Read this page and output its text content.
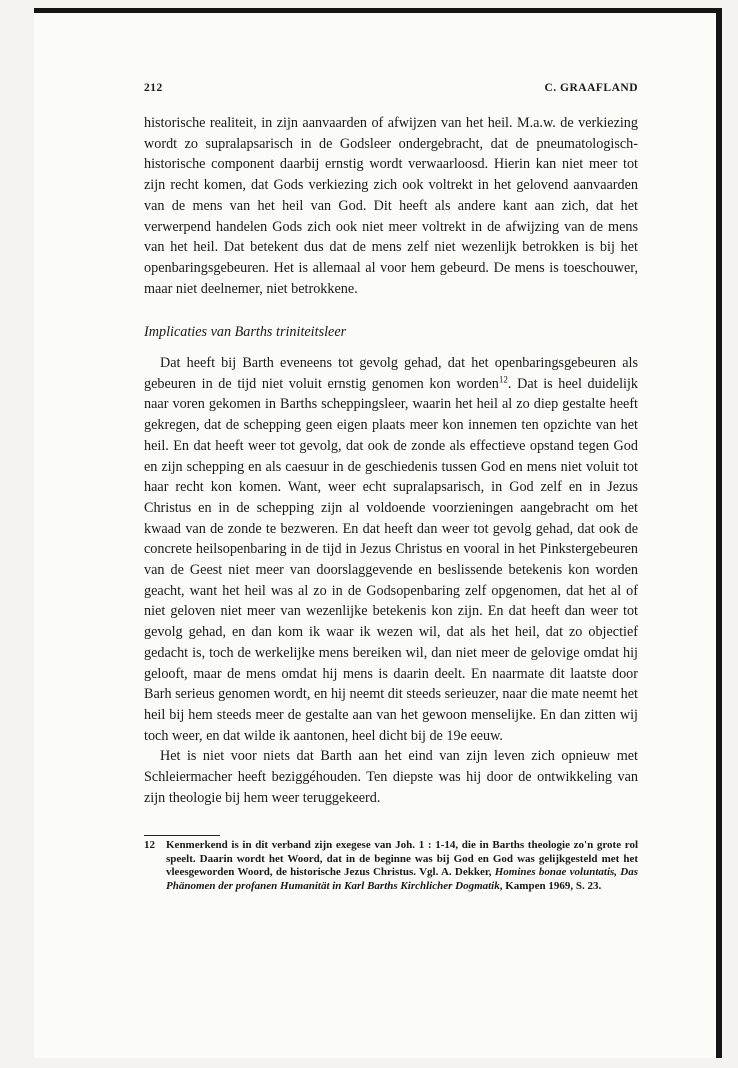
212	C. GRAAFLAND

historische realiteit, in zijn aanvaarden of afwijzen van het heil. M.a.w. de verkiezing wordt zo supralapsarisch in de Godsleer ondergebracht, dat de pneumatologisch-historische component daarbij ernstig wordt verwaarloosd. Hierin kan niet meer tot zijn recht komen, dat Gods verkiezing zich ook voltrekt in het gelovend aanvaarden van de mens van het heil van God. Dit heeft als andere kant aan zich, dat het verwerpend handelen Gods zich ook niet meer voltrekt in de afwijzing van de mens van het heil. Dat betekent dus dat de mens zelf niet wezenlijk betrokken is bij het openbaringsgebeuren. Het is allemaal al voor hem gebeurd. De mens is toeschouwer, maar niet deelnemer, niet betrokkene.

Implicaties van Barths triniteitsleer

Dat heeft bij Barth eveneens tot gevolg gehad, dat het openbaringsgebeuren als gebeuren in de tijd niet voluit ernstig genomen kon worden$^{12}$. Dat is heel duidelijk naar voren gekomen in Barths scheppingsleer, waarin het heil al zo diep gestalte heeft gekregen, dat de schepping geen eigen plaats meer kon innemen ten opzichte van het heil. En dat heeft weer tot gevolg, dat ook de zonde als effectieve opstand tegen God en zijn schepping en als caesuur in de geschiedenis tussen God en mens niet voluit tot haar recht kon komen. Want, weer echt supralapsarisch, in God zelf en in Jezus Christus en in de schepping zijn al voldoende voorzieningen aangebracht om het kwaad van de zonde te bezweren. En dat heeft dan weer tot gevolg gehad, dat ook de concrete heilsopenbaring in de tijd in Jezus Christus en vooral in het Pinkstergebeuren van de Geest niet meer van doorslaggevende en beslissende betekenis kon worden geacht, want het heil was al zo in de Godsopenbaring zelf opgenomen, dat het al of niet geloven niet meer van wezenlijke betekenis kon zijn. En dat heeft dan weer tot gevolg gehad, en dan kom ik waar ik wezen wil, dat als het heil, dat zo objectief gedacht is, toch de werkelijke mens bereiken wil, dan niet meer de gelovige omdat hij gelooft, maar de mens omdat hij mens is daarin deelt. En naarmate dit laatste door Barh serieus genomen wordt, en hij neemt dit steeds serieuzer, naar die mate neemt het heil bij hem steeds meer de gestalte aan van het gewoon menselijke. En dan zitten wij toch weer, en dat wilde ik aantonen, heel dicht bij de 19e eeuw.

Het is niet voor niets dat Barth aan het eind van zijn leven zich opnieuw met Schleiermacher heeft beziggéhouden. Ten diepste was hij door de ontwikkeling van zijn theologie bij hem weer teruggekeerd.

12	Kenmerkend is in dit verband zijn exegese van Joh. 1 : 1-14, die in Barths theologie zo'n grote rol speelt. Daarin wordt het Woord, dat in de beginne was bij God en God was gelijkgesteld met het vleesgeworden Woord, de historische Jezus Christus. Vgl. A. Dekker, Homines bonae voluntatis, Das Phänomen der profanen Humanität in Karl Barths Kirchlicher Dogmatik, Kampen 1969, S. 23.
